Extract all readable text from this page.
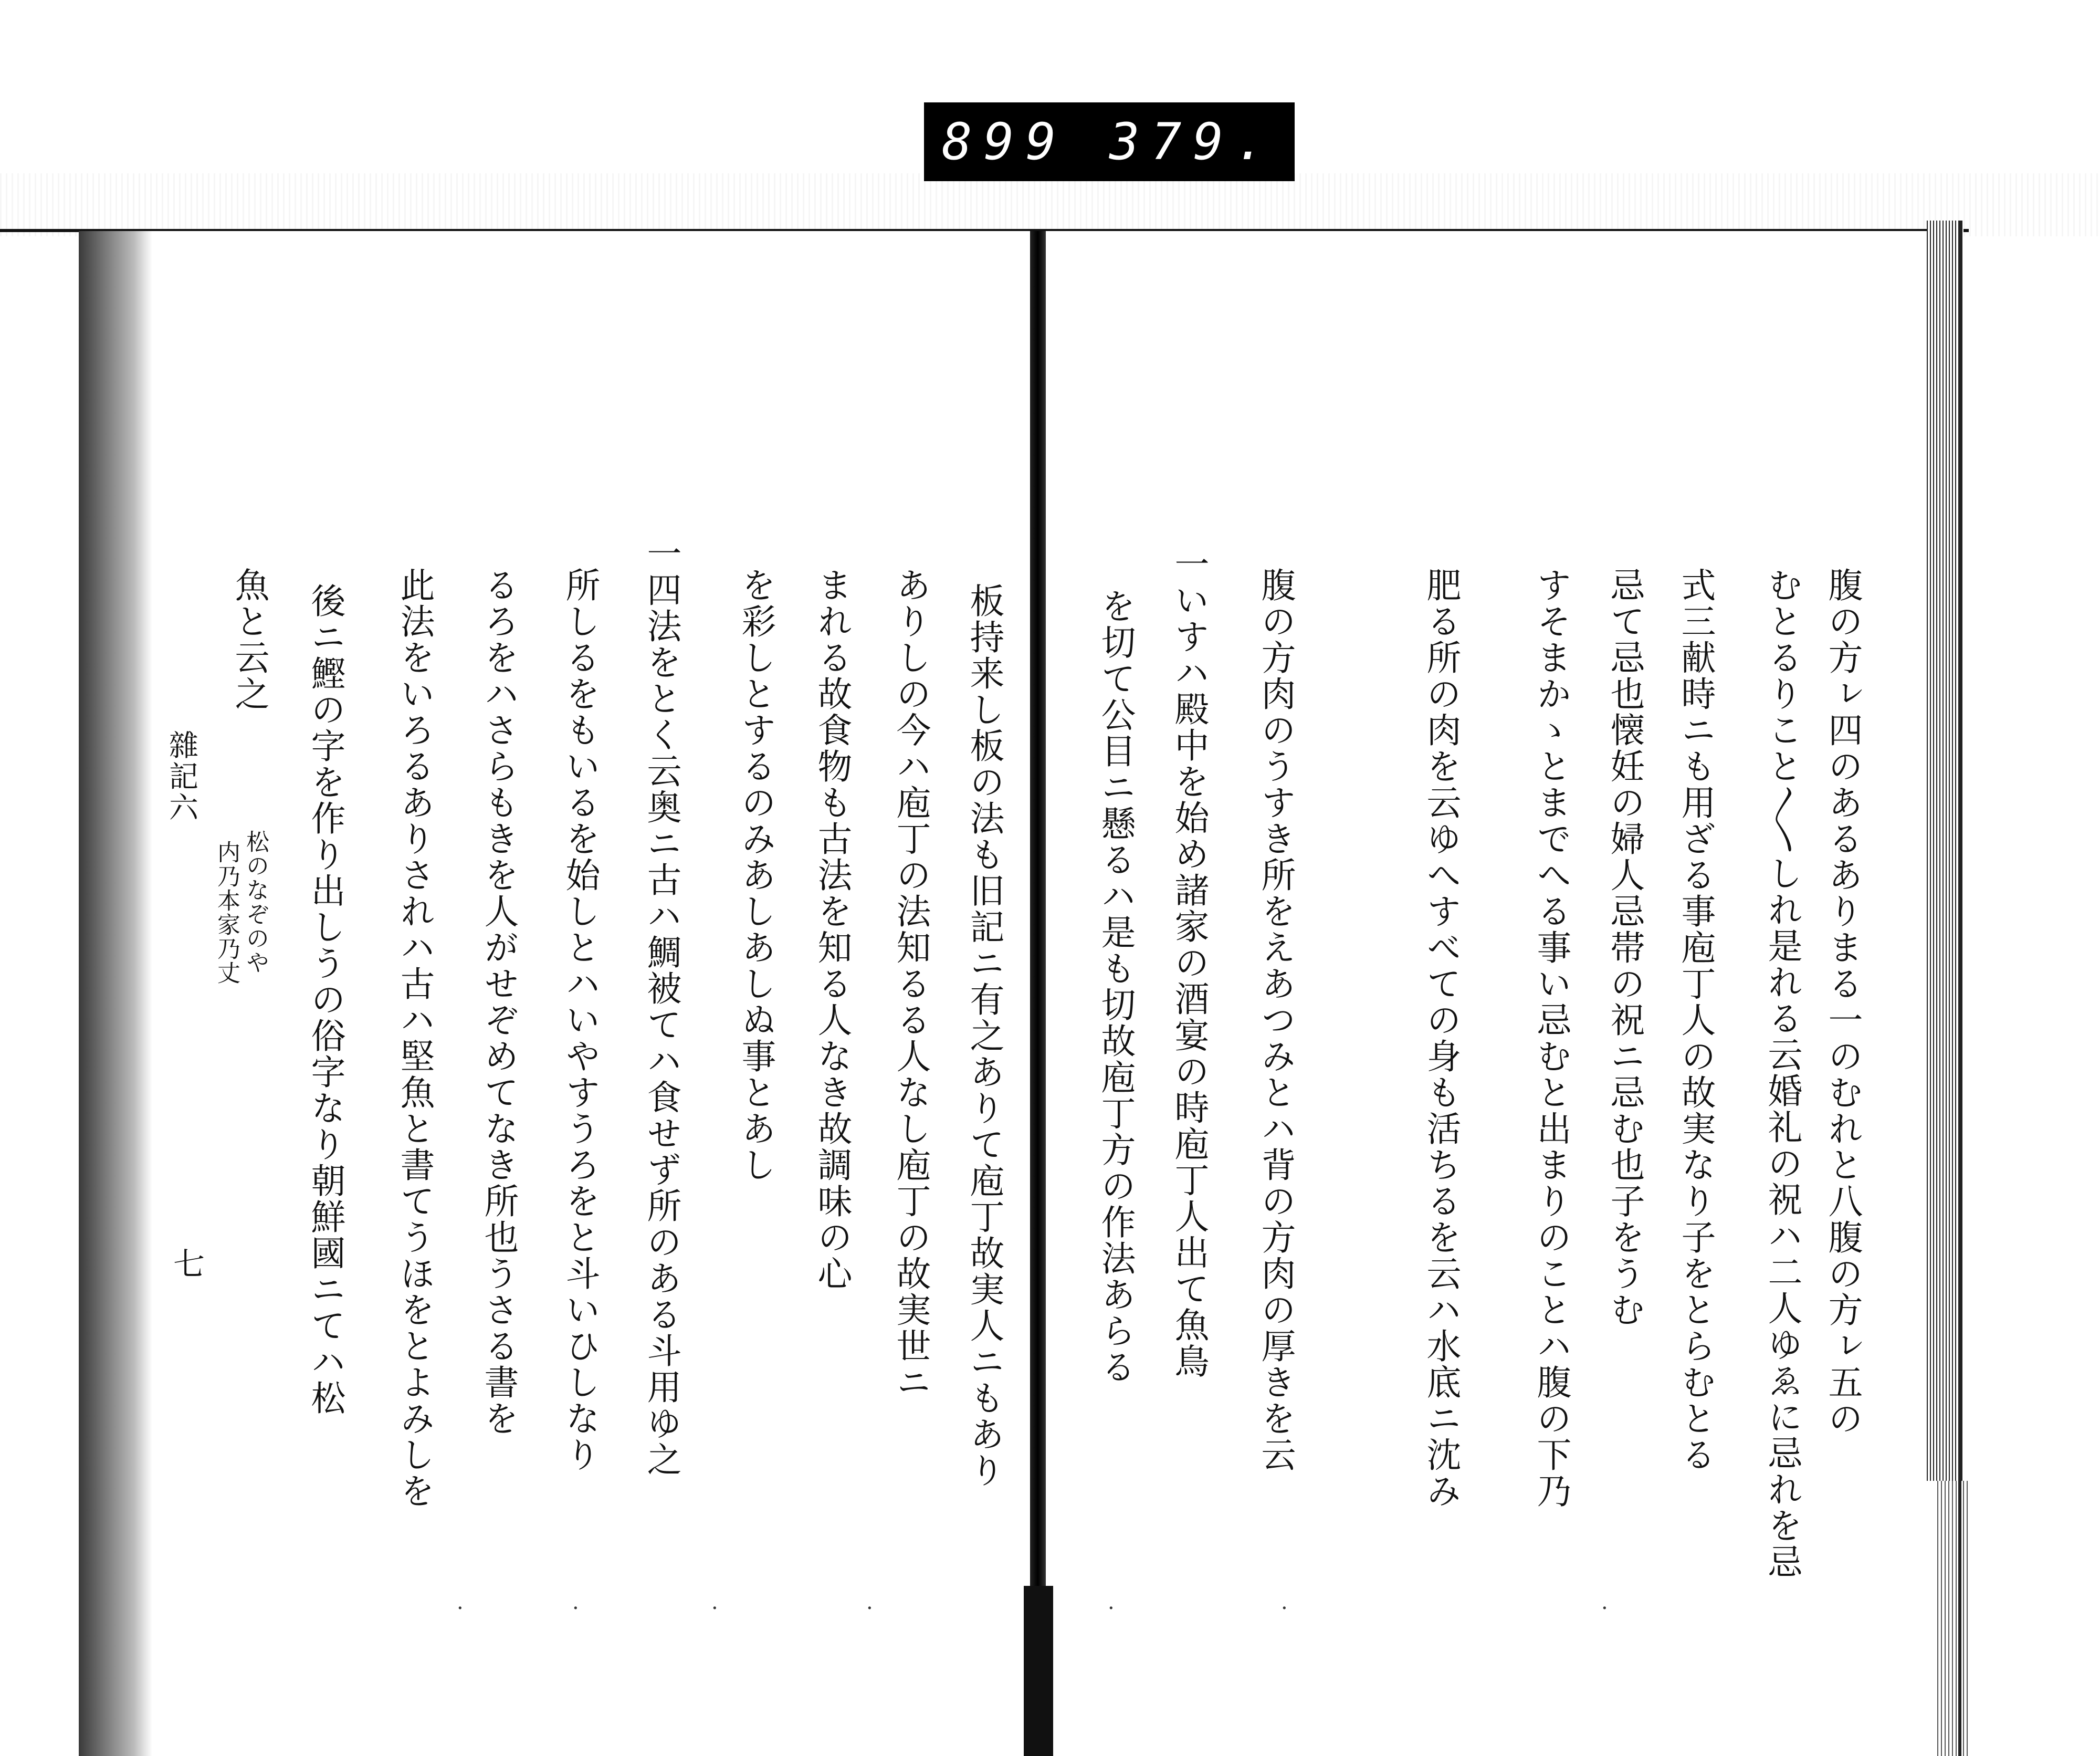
899 379.
腹の方ㇾ四のあるありまる一のむれと八腹の方ㇾ五の
むとるりこと〳〵しれ是れる云婚礼の祝ハ二人ゆゑに忌れを忌
式三献時ニも用ざる事庖丁人の故実なり子をとらむとる
忌て忌也懐妊の婦人忌帯の祝ニ忌む也子をうむ
すそまかゝとまでへる事い忌むと出まりのことハ腹の下乃
肥る所の肉を云ゆへすべての身も活ちるを云ハ水底ニ沈み
腹の方肉のうすき所をえあつみとハ背の方肉の厚きを云
一いすハ殿中を始め諸家の酒宴の時庖丁人出て魚鳥
を切て公目ニ懸るハ是も切故庖丁方の作法あらる
板持来し板の法も旧記ニ有之ありて庖丁故実人ニもあり
ありしの今ハ庖丁の法知るる人なし庖丁の故実世ニ
まれる故食物も古法を知る人なき故調味の心
を彩しとするのみあしあしぬ事とあし
一四法をとく云奥ニ古ハ鯛被てハ食せず所のある斗用ゆ之
所しるをもいるを始しとハいやすうろをと斗いひしなり
るろをハさらもきを人がせぞめてなき所也うさる書を
此法をいろるありされハ古ハ堅魚と書てうほをとよみしを
後ニ鰹の字を作り出しうの俗字なり朝鮮國ニてハ松
魚と云之
松のなぞのや
内乃本家乃丈
雜記六
七
·	·	·	·	·	·	·
